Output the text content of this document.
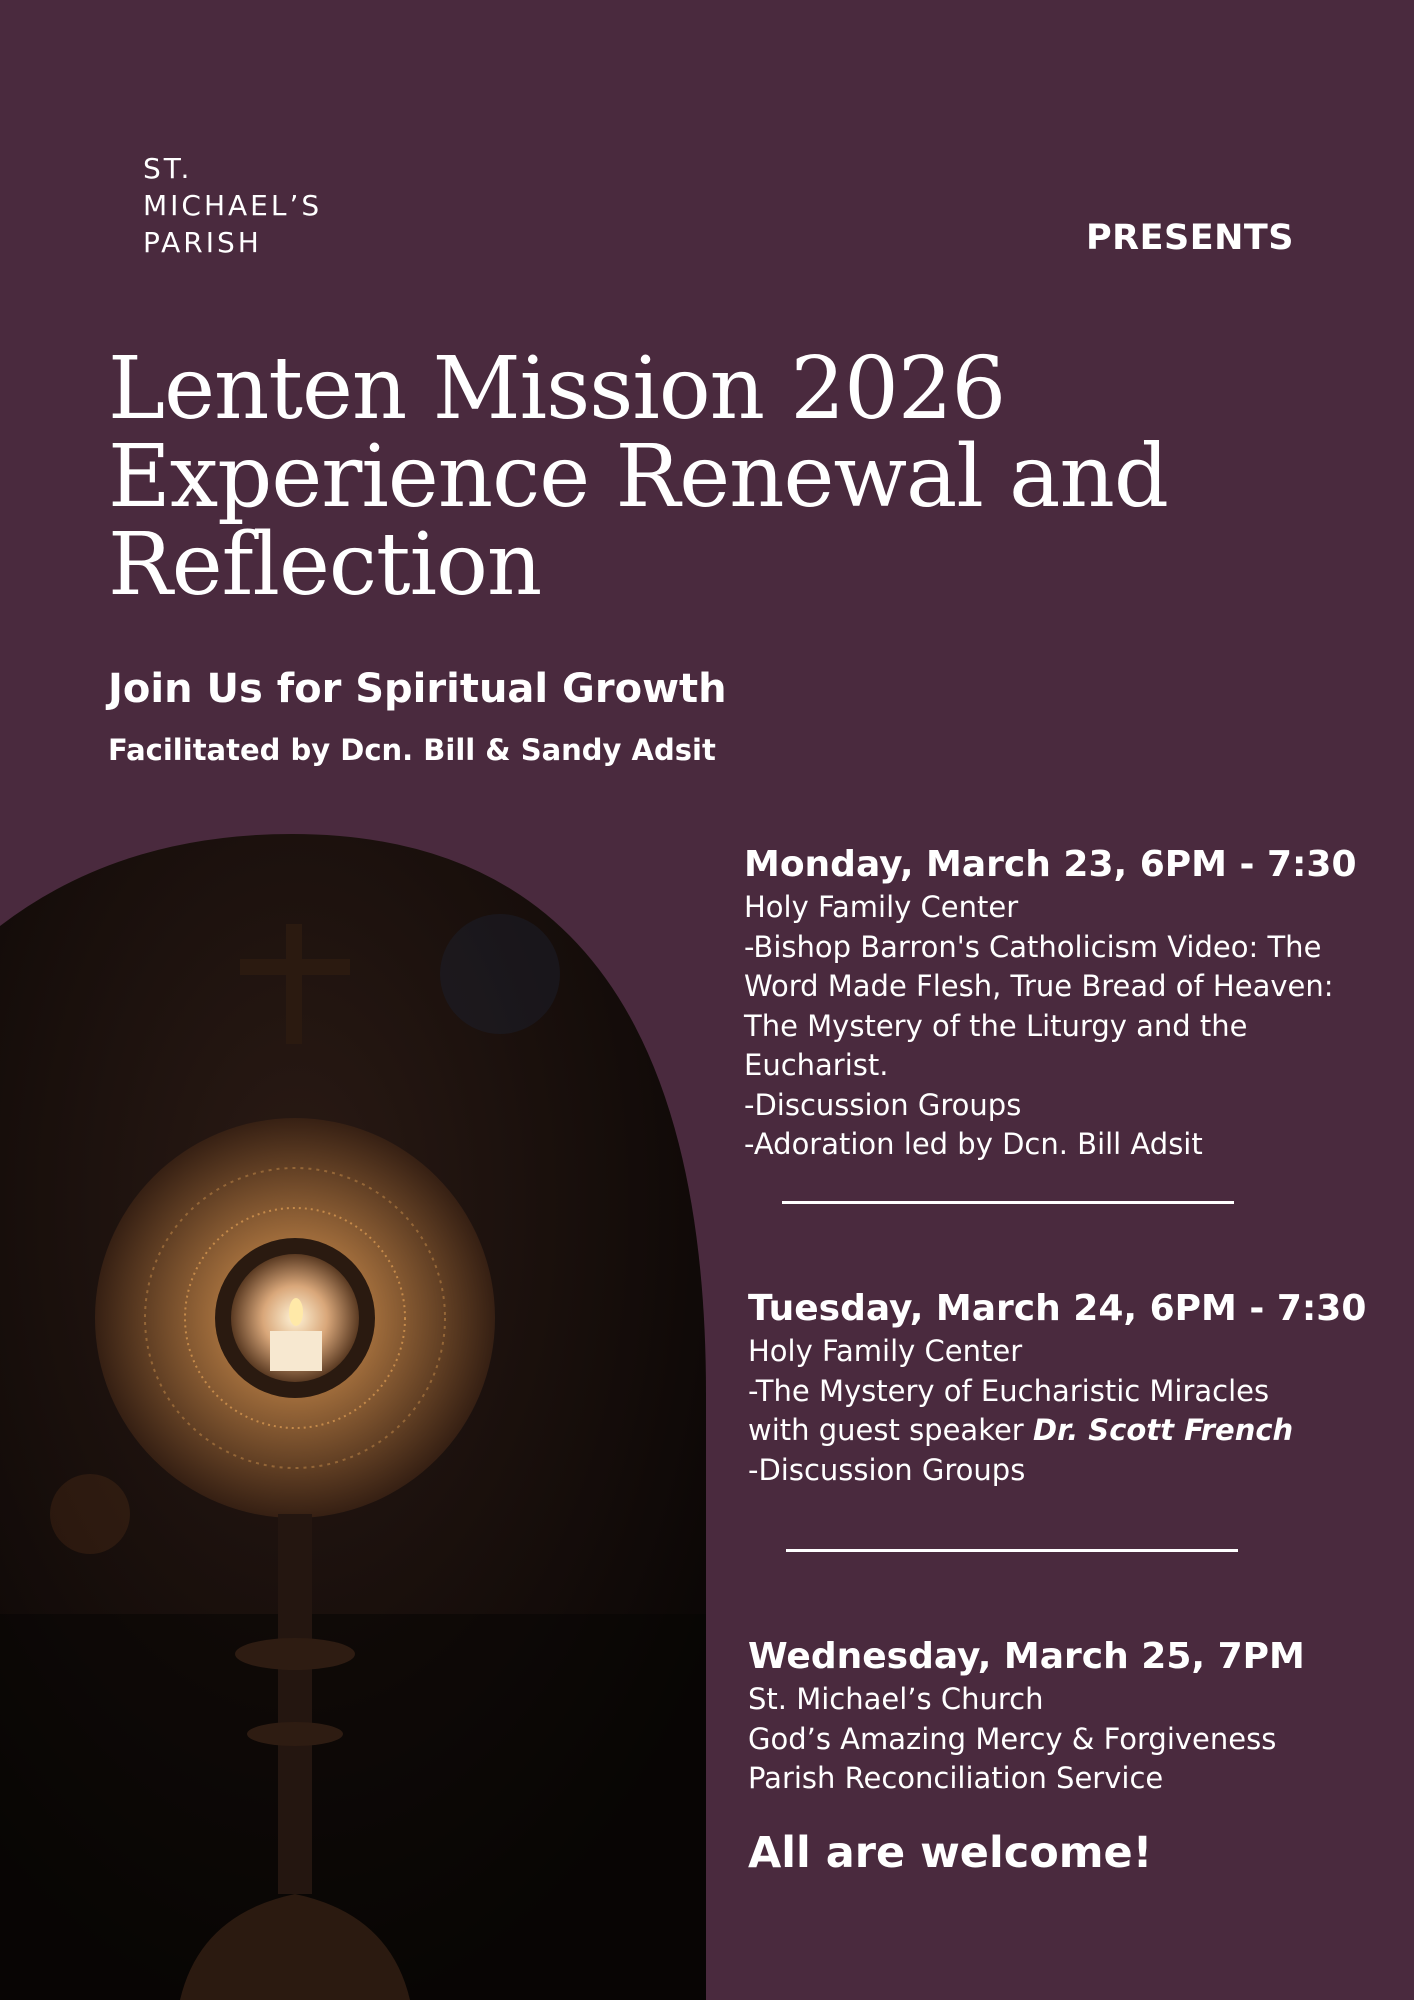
ST.
MICHAEL’S
PARISH	PRESENTS
Lenten Mission 2026
Experience Renewal and
Reflection
Join Us for Spiritual Growth
Facilitated by Dcn. Bill & Sandy Adsit
Monday, March 23, 6PM - 7:30
Holy Family Center
-Bishop Barron's Catholicism Video: The
Word Made Flesh, True Bread of Heaven:
The Mystery of the Liturgy and the
Eucharist.
-Discussion Groups
-Adoration led by Dcn. Bill Adsit
Tuesday, March 24, 6PM - 7:30
Holy Family Center
-The Mystery of Eucharistic Miracles
with guest speaker Dr. Scott French
-Discussion Groups
Wednesday, March 25, 7PM
St. Michael’s Church
God’s Amazing Mercy & Forgiveness
Parish Reconciliation Service
All are welcome!
